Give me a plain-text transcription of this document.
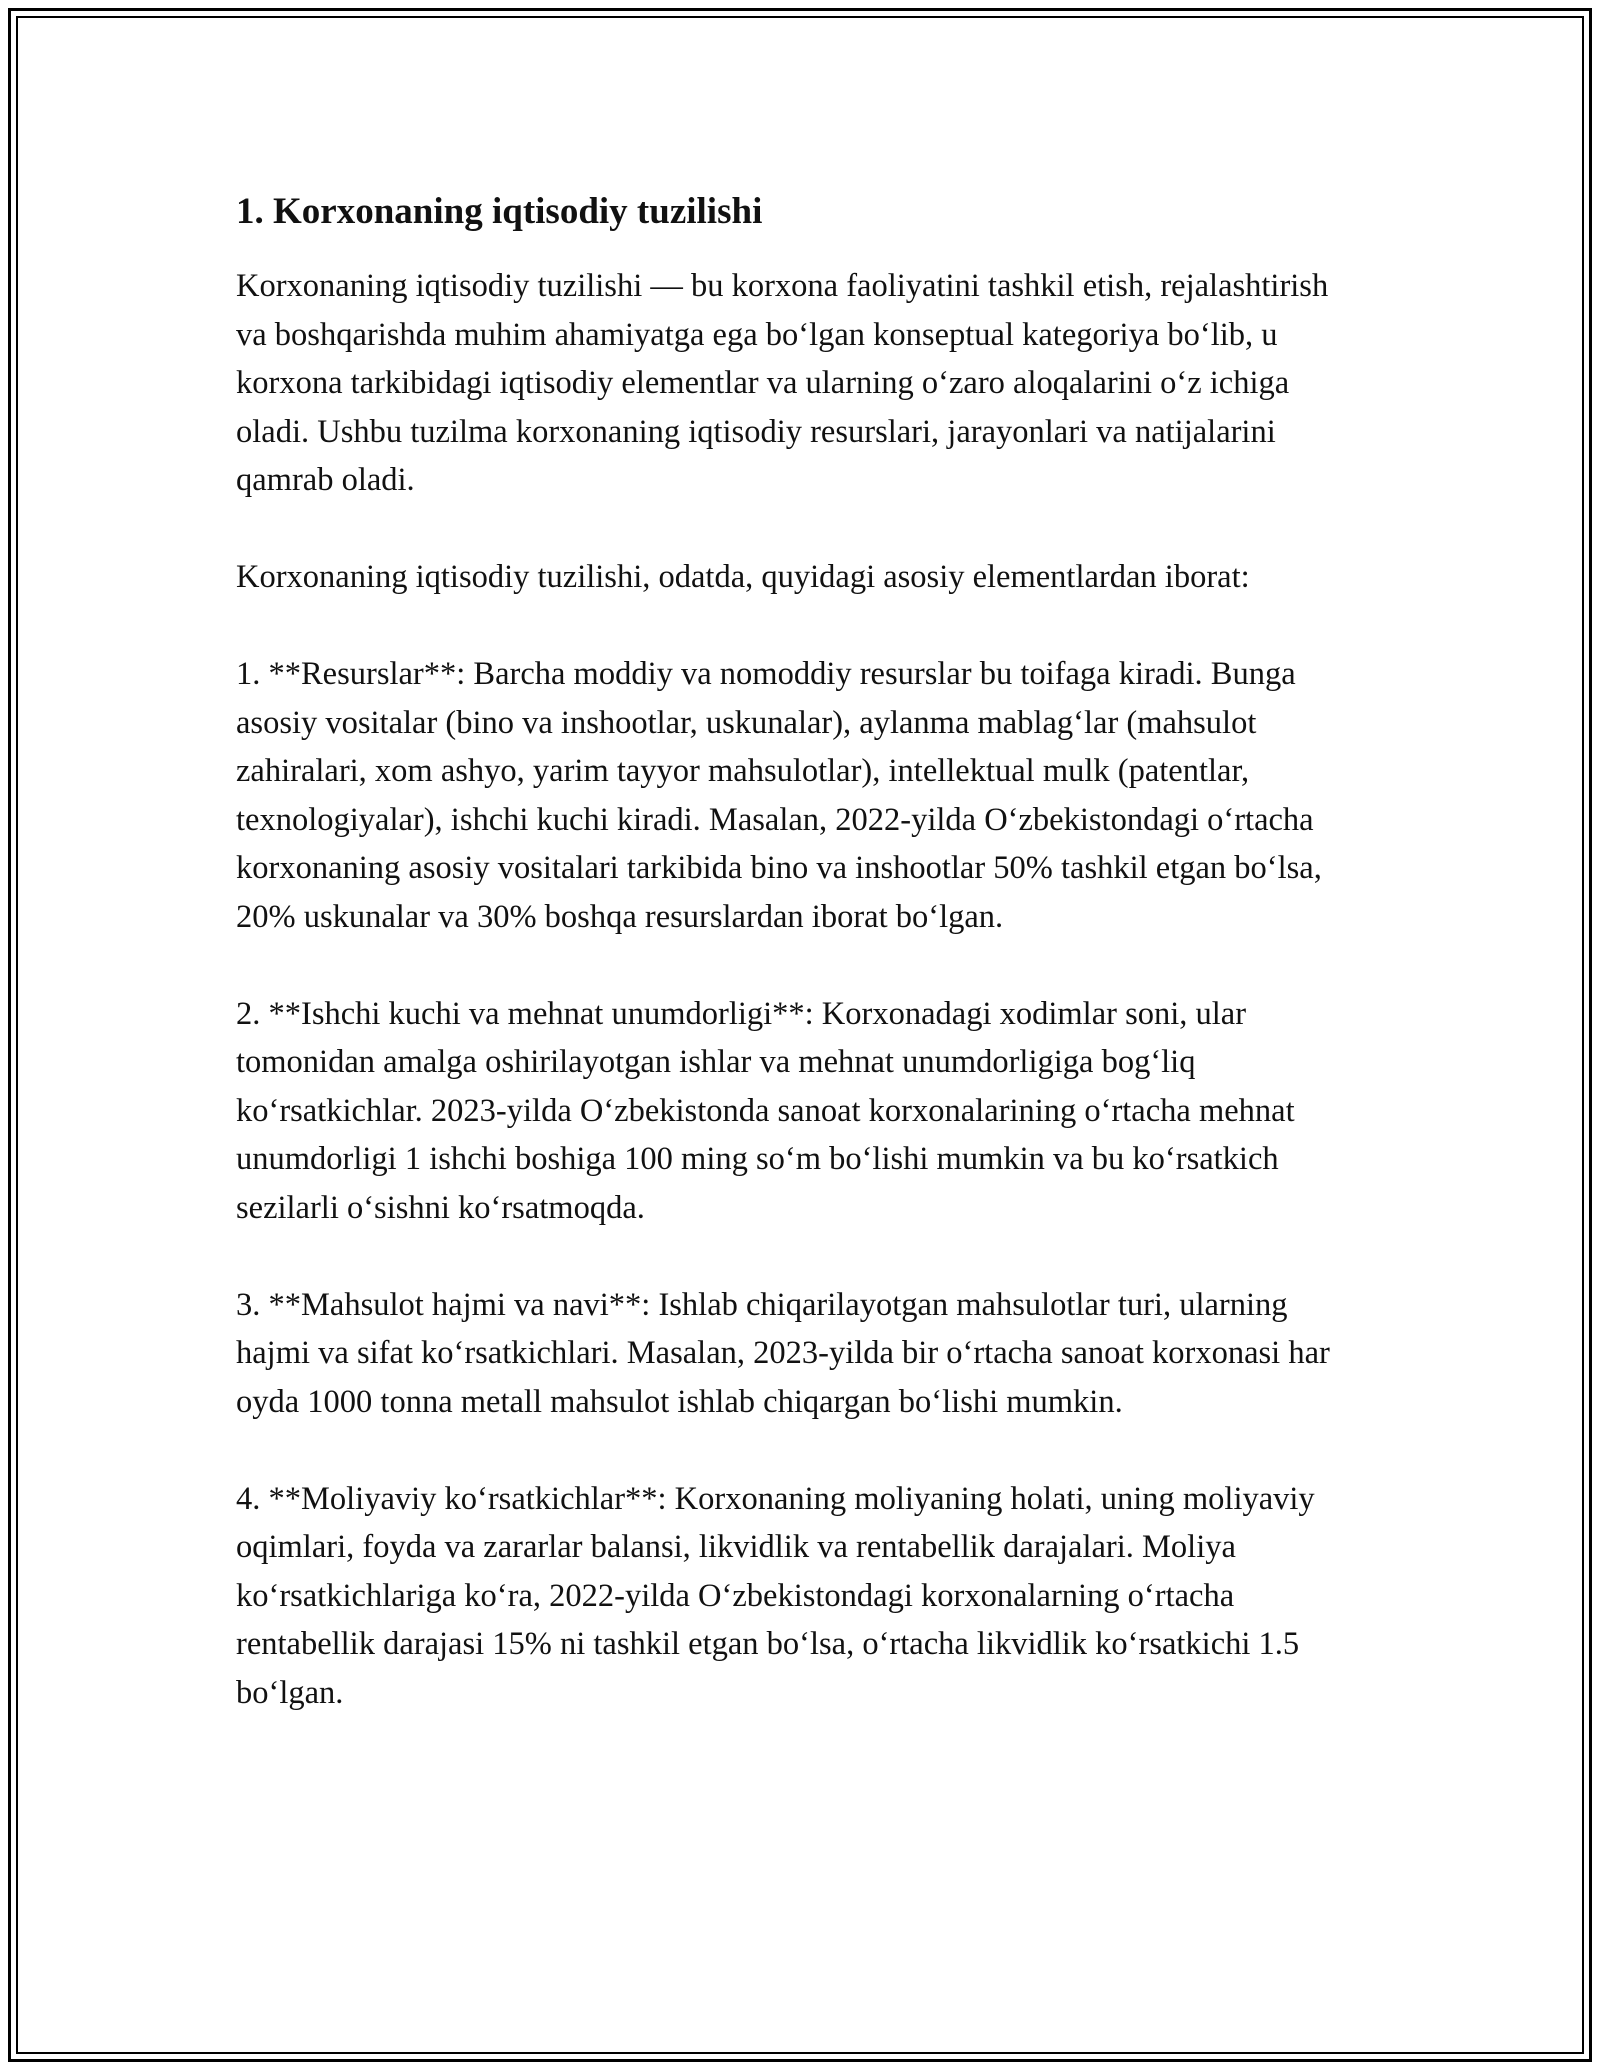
1. Korxonaning iqtisodiy tuzilishi

Korxonaning iqtisodiy tuzilishi — bu korxona faoliyatini tashkil etish, rejalashtirish va boshqarishda muhim ahamiyatga ega boʻlgan konseptual kategoriya boʻlib, u korxona tarkibidagi iqtisodiy elementlar va ularning oʻzaro aloqalarini oʻz ichiga oladi. Ushbu tuzilma korxonaning iqtisodiy resurslari, jarayonlari va natijalarini qamrab oladi.

Korxonaning iqtisodiy tuzilishi, odatda, quyidagi asosiy elementlardan iborat:

1. **Resurslar**: Barcha moddiy va nomoddiy resurslar bu toifaga kiradi. Bunga asosiy vositalar (bino va inshootlar, uskunalar), aylanma mablagʻlar (mahsulot zahiralari, xom ashyo, yarim tayyor mahsulotlar), intellektual mulk (patentlar, texnologiyalar), ishchi kuchi kiradi. Masalan, 2022-yilda Oʻzbekistondagi oʻrtacha korxonaning asosiy vositalari tarkibida bino va inshootlar 50% tashkil etgan boʻlsa, 20% uskunalar va 30% boshqa resurslardan iborat boʻlgan.

2. **Ishchi kuchi va mehnat unumdorligi**: Korxonadagi xodimlar soni, ular tomonidan amalga oshirilayotgan ishlar va mehnat unumdorligiga bogʻliq koʻrsatkichlar. 2023-yilda Oʻzbekistonda sanoat korxonalarining oʻrtacha mehnat unumdorligi 1 ishchi boshiga 100 ming soʻm boʻlishi mumkin va bu koʻrsatkich sezilarli oʻsishni koʻrsatmoqda.

3. **Mahsulot hajmi va navi**: Ishlab chiqarilayotgan mahsulotlar turi, ularning hajmi va sifat koʻrsatkichlari. Masalan, 2023-yilda bir oʻrtacha sanoat korxonasi har oyda 1000 tonna metall mahsulot ishlab chiqargan boʻlishi mumkin.

4. **Moliyaviy koʻrsatkichlar**: Korxonaning moliyaning holati, uning moliyaviy oqimlari, foyda va zararlar balansi, likvidlik va rentabellik darajalari. Moliya koʻrsatkichlariga koʻra, 2022-yilda Oʻzbekistondagi korxonalarning oʻrtacha rentabellik darajasi 15% ni tashkil etgan boʻlsa, oʻrtacha likvidlik koʻrsatkichi 1.5 boʻlgan.
